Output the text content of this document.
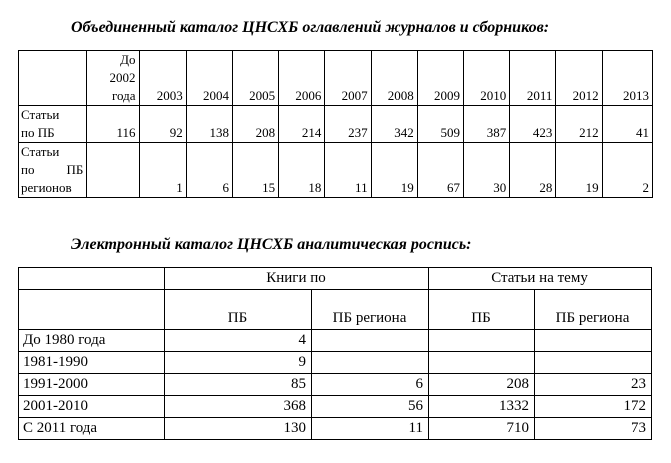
Объединенный каталог ЦНСХБ оглавлений журналов и сборников:

	До
2002
года	2003	2004	2005	2006	2007	2008	2009	2010	2011	2012	2013

Статьи
по ПБ	116	92	138	208	214	237	342	509	387	423	212	41

Статьи
по ПБ
регионов		1	6	15	18	11	19	67	30	28	19	2
Электронный каталог ЦНСХБ аналитическая роспись:
	Книги по		Статьи на тему	
	ПБ	ПБ региона	ПБ	ПБ региона
До 1980 года	4			
1981-1990	9			
1991-2000	85	6	208	23
2001-2010	368	56	1332	172
С 2011 года	130	11	710	73
